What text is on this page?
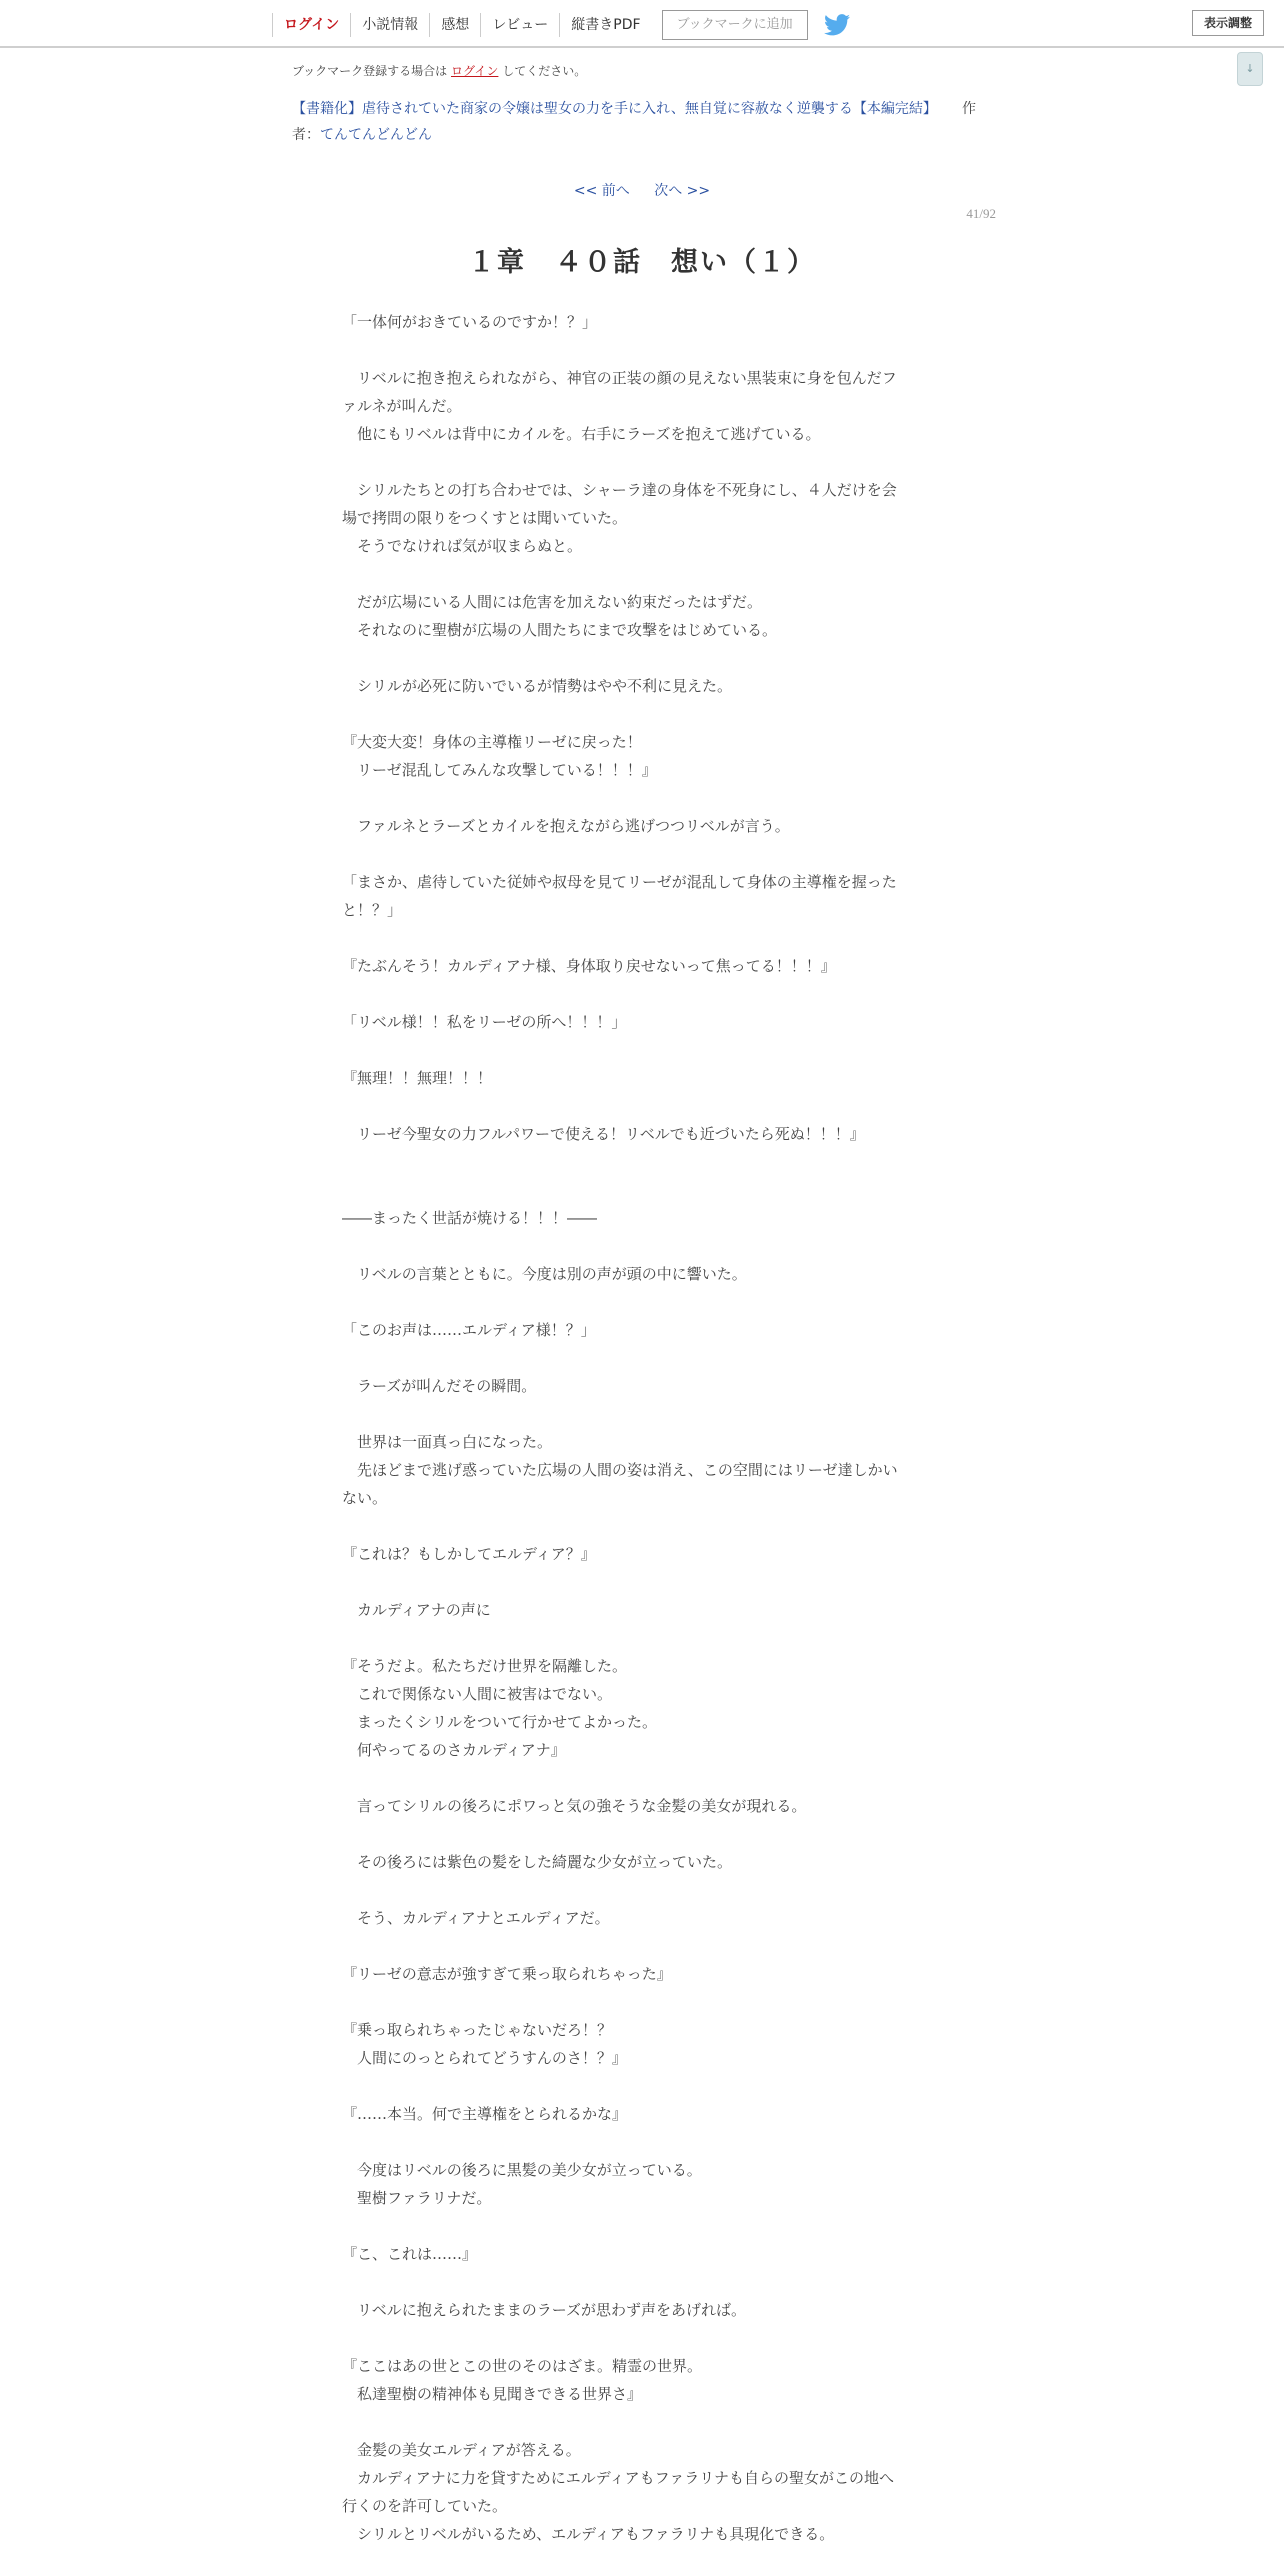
ログイン	小説情報	感想	レビュー	縦書きPDF	ブックマークに追加	表示調整
↓
ブックマーク登録する場合は ログイン してください。
作
【書籍化】虐待されていた商家の令嬢は聖女の力を手に入れ、無自覚に容赦なく逆襲する【本編完結】
者：てんてんどんどん
<< 前へ 次へ >>
41/92
１章　４０話　想い（１）
「一体何がおきているのですか！？」
　リベルに抱き抱えられながら、神官の正装の顔の見えない黒装束に身を包んだフ
ァルネが叫んだ。
　他にもリベルは背中にカイルを。右手にラーズを抱えて逃げている。
　シリルたちとの打ち合わせでは、シャーラ達の身体を不死身にし、４人だけを会
場で拷問の限りをつくすとは聞いていた。
　そうでなければ気が収まらぬと。
　だが広場にいる人間には危害を加えない約束だったはずだ。
　それなのに聖樹が広場の人間たちにまで攻撃をはじめている。
　シリルが必死に防いでいるが情勢はやや不利に見えた。
『大変大変！身体の主導権リーゼに戻った！
　リーゼ混乱してみんな攻撃している！！！』
　ファルネとラーズとカイルを抱えながら逃げつつリベルが言う。
「まさか、虐待していた従姉や叔母を見てリーゼが混乱して身体の主導権を握った
と！？」
『たぶんそう！カルディアナ様、身体取り戻せないって焦ってる！！！』
「リベル様！！私をリーゼの所へ！！！」
『無理！！無理！！！
　リーゼ今聖女の力フルパワーで使える！リベルでも近づいたら死ぬ！！！』
――まったく世話が焼ける！！！――
　リベルの言葉とともに。今度は別の声が頭の中に響いた。
「このお声は……エルディア様！？」
　ラーズが叫んだその瞬間。
　世界は一面真っ白になった。
　先ほどまで逃げ惑っていた広場の人間の姿は消え、この空間にはリーゼ達しかい
ない。
『これは？もしかしてエルディア？』
　カルディアナの声に
『そうだよ。私たちだけ世界を隔離した。
　これで関係ない人間に被害はでない。
　まったくシリルをついて行かせてよかった。
　何やってるのさカルディアナ』
　言ってシリルの後ろにポワっと気の強そうな金髪の美女が現れる。
　その後ろには紫色の髪をした綺麗な少女が立っていた。
　そう、カルディアナとエルディアだ。
『リーゼの意志が強すぎて乗っ取られちゃった』
『乗っ取られちゃったじゃないだろ！？
　人間にのっとられてどうすんのさ！？』
『……本当。何で主導権をとられるかな』
　今度はリベルの後ろに黒髪の美少女が立っている。
　聖樹ファラリナだ。
『こ、これは……』
　リベルに抱えられたままのラーズが思わず声をあげれば。
『ここはあの世とこの世のそのはざま。精霊の世界。
　私達聖樹の精神体も見聞きできる世界さ』
　金髪の美女エルディアが答える。
　カルディアナに力を貸すためにエルディアもファラリナも自らの聖女がこの地へ
行くのを許可していた。
　シリルとリベルがいるため、エルディアもファラリナも具現化できる。
